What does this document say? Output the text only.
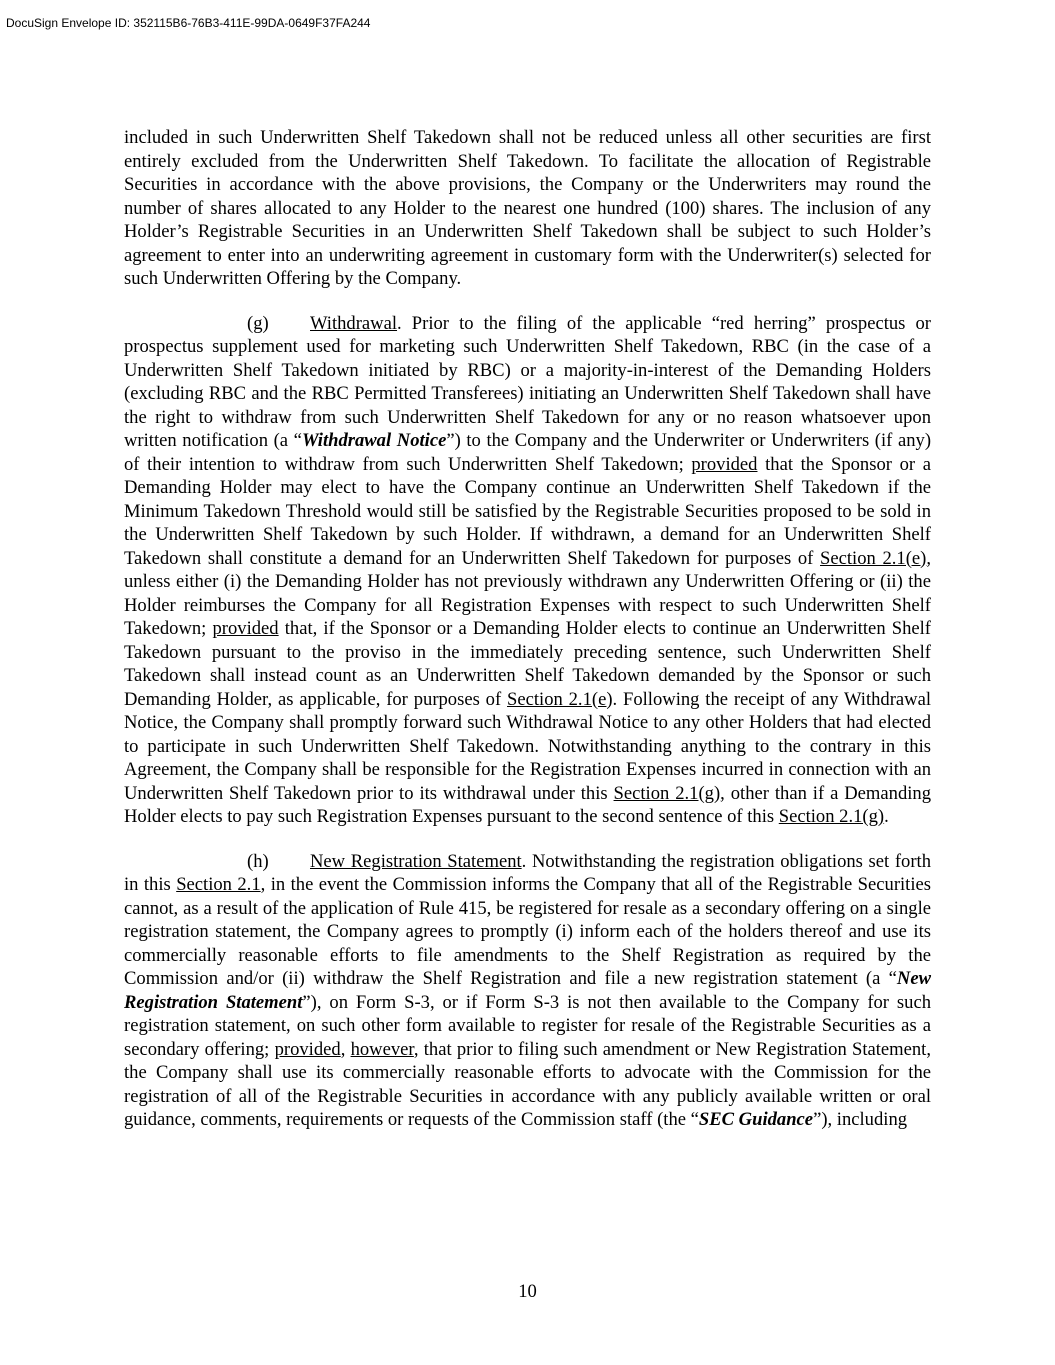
DocuSign Envelope ID: 352115B6-76B3-411E-99DA-0649F37FA244

included in such Underwritten Shelf Takedown shall not be reduced unless all other securities are first entirely excluded from the Underwritten Shelf Takedown. To facilitate the allocation of Registrable Securities in accordance with the above provisions, the Company or the Underwriters may round the number of shares allocated to any Holder to the nearest one hundred (100) shares. The inclusion of any Holder’s Registrable Securities in an Underwritten Shelf Takedown shall be subject to such Holder’s agreement to enter into an underwriting agreement in customary form with the Underwriter(s) selected for such Underwritten Offering by the Company.

(g) Withdrawal. Prior to the filing of the applicable “red herring” prospectus or prospectus supplement used for marketing such Underwritten Shelf Takedown, RBC (in the case of a Underwritten Shelf Takedown initiated by RBC) or a majority-in-interest of the Demanding Holders (excluding RBC and the RBC Permitted Transferees) initiating an Underwritten Shelf Takedown shall have the right to withdraw from such Underwritten Shelf Takedown for any or no reason whatsoever upon written notification (a “Withdrawal Notice”) to the Company and the Underwriter or Underwriters (if any) of their intention to withdraw from such Underwritten Shelf Takedown; provided that the Sponsor or a Demanding Holder may elect to have the Company continue an Underwritten Shelf Takedown if the Minimum Takedown Threshold would still be satisfied by the Registrable Securities proposed to be sold in the Underwritten Shelf Takedown by such Holder. If withdrawn, a demand for an Underwritten Shelf Takedown shall constitute a demand for an Underwritten Shelf Takedown for purposes of Section 2.1(e), unless either (i) the Demanding Holder has not previously withdrawn any Underwritten Offering or (ii) the Holder reimburses the Company for all Registration Expenses with respect to such Underwritten Shelf Takedown; provided that, if the Sponsor or a Demanding Holder elects to continue an Underwritten Shelf Takedown pursuant to the proviso in the immediately preceding sentence, such Underwritten Shelf Takedown shall instead count as an Underwritten Shelf Takedown demanded by the Sponsor or such Demanding Holder, as applicable, for purposes of Section 2.1(e). Following the receipt of any Withdrawal Notice, the Company shall promptly forward such Withdrawal Notice to any other Holders that had elected to participate in such Underwritten Shelf Takedown. Notwithstanding anything to the contrary in this Agreement, the Company shall be responsible for the Registration Expenses incurred in connection with an Underwritten Shelf Takedown prior to its withdrawal under this Section 2.1(g), other than if a Demanding Holder elects to pay such Registration Expenses pursuant to the second sentence of this Section 2.1(g).

(h) New Registration Statement. Notwithstanding the registration obligations set forth in this Section 2.1, in the event the Commission informs the Company that all of the Registrable Securities cannot, as a result of the application of Rule 415, be registered for resale as a secondary offering on a single registration statement, the Company agrees to promptly (i) inform each of the holders thereof and use its commercially reasonable efforts to file amendments to the Shelf Registration as required by the Commission and/or (ii) withdraw the Shelf Registration and file a new registration statement (a “New Registration Statement”), on Form S-3, or if Form S-3 is not then available to the Company for such registration statement, on such other form available to register for resale of the Registrable Securities as a secondary offering; provided, however, that prior to filing such amendment or New Registration Statement, the Company shall use its commercially reasonable efforts to advocate with the Commission for the registration of all of the Registrable Securities in accordance with any publicly available written or oral guidance, comments, requirements or requests of the Commission staff (the “SEC Guidance”), including

10
